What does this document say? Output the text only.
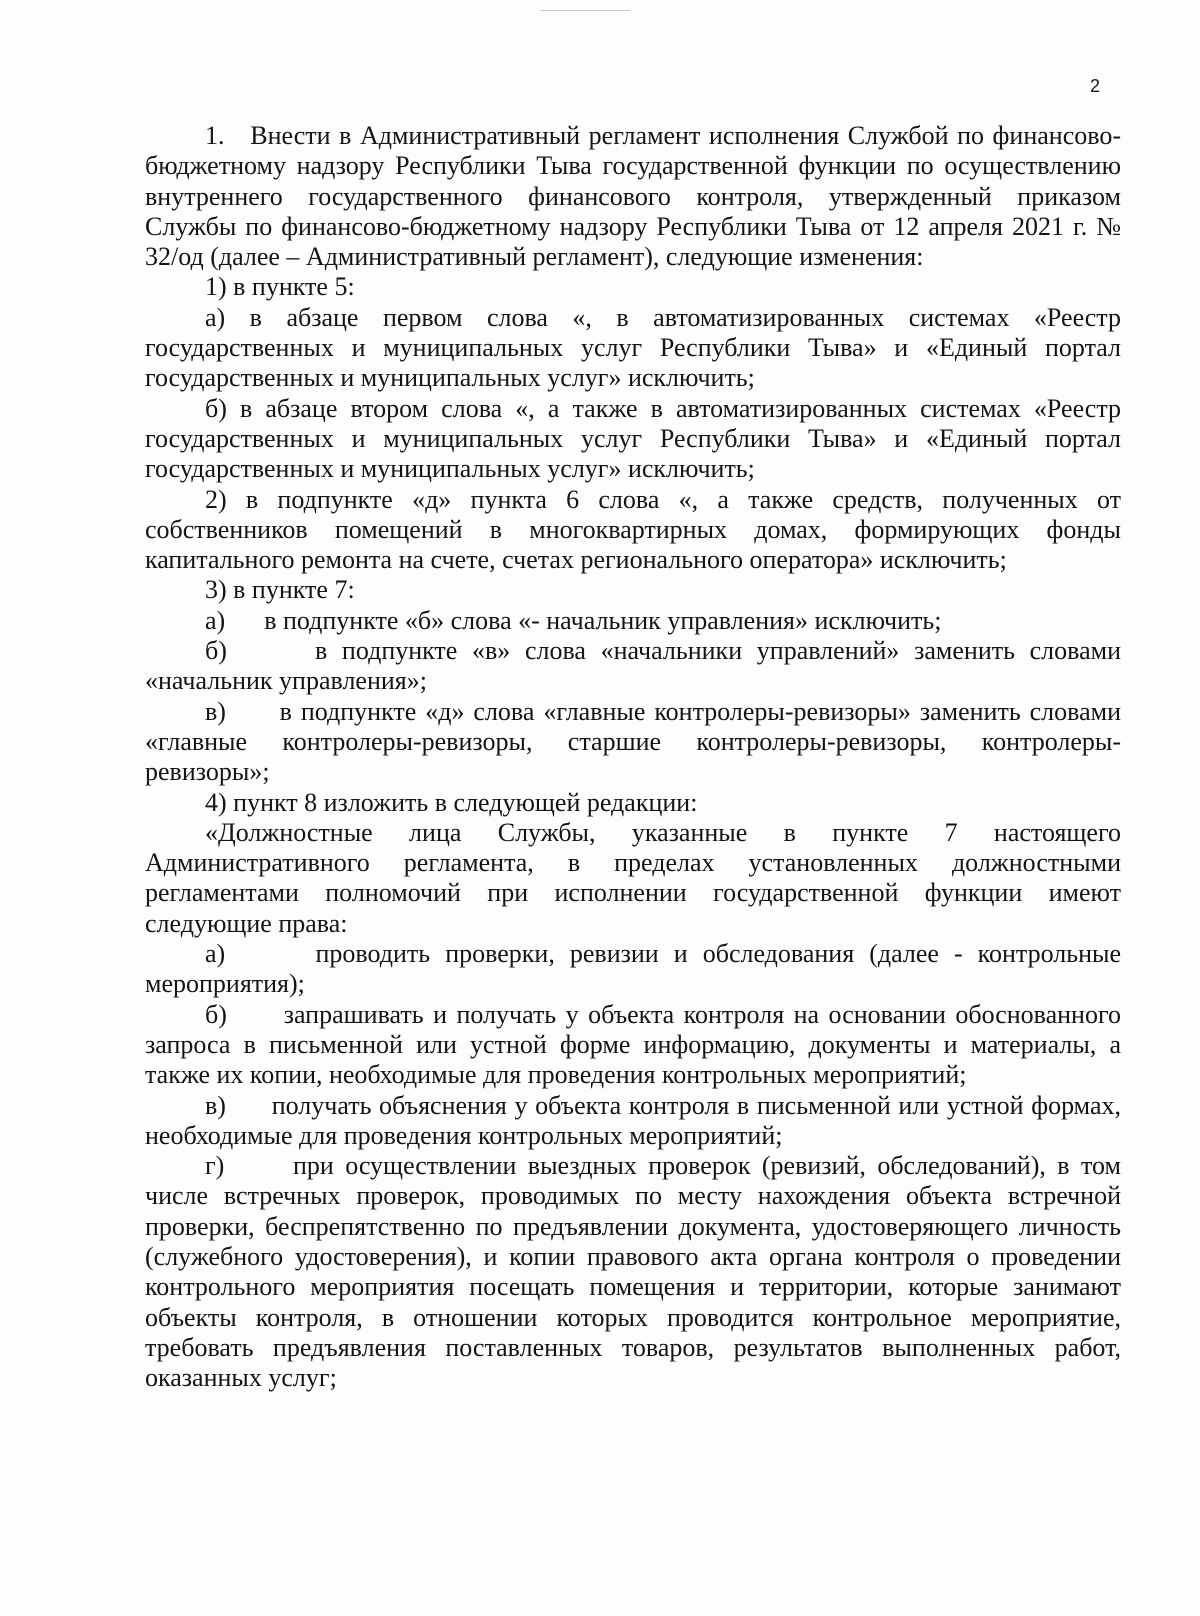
2

1.   Внести в Административный регламент исполнения Службой по финансово-бюджетному надзору Республики Тыва государственной функции по осуществлению внутреннего государственного финансового контроля, утвержденный приказом Службы по финансово-бюджетному надзору Республики Тыва от 12 апреля 2021 г. № 32/од (далее – Административный регламент), следующие изменения:

1) в пункте 5:

а) в абзаце первом слова «, в автоматизированных системах «Реестр государственных и муниципальных услуг Республики Тыва» и «Единый портал государственных и муниципальных услуг» исключить;

б) в абзаце втором слова «, а также в автоматизированных системах «Реестр государственных и муниципальных услуг Республики Тыва» и «Единый портал государственных и муниципальных услуг» исключить;

2) в подпункте «д» пункта 6 слова «, а также средств, полученных от собственников помещений в многоквартирных домах, формирующих фонды капитального ремонта на счете, счетах регионального оператора» исключить;

3) в пункте 7:

а)      в подпункте «б» слова «- начальник управления» исключить;

б)      в подпункте «в» слова «начальники управлений» заменить словами «начальник управления»;

в)      в подпункте «д» слова «главные контролеры-ревизоры» заменить словами «главные контролеры-ревизоры, старшие контролеры-ревизоры, контролеры-ревизоры»;

4) пункт 8 изложить в следующей редакции:

«Должностные лица Службы, указанные в пункте 7 настоящего Административного регламента, в пределах установленных должностными регламентами полномочий при исполнении государственной функции имеют следующие права:

а)      проводить проверки, ревизии и обследования (далее - контрольные мероприятия);

б)      запрашивать и получать у объекта контроля на основании обоснованного запроса в письменной или устной форме информацию, документы и материалы, а также их копии, необходимые для проведения контрольных мероприятий;

в)      получать объяснения у объекта контроля в письменной или устной формах, необходимые для проведения контрольных мероприятий;

г)      при осуществлении выездных проверок (ревизий, обследований), в том числе встречных проверок, проводимых по месту нахождения объекта встречной проверки, беспрепятственно по предъявлении документа, удостоверяющего личность (служебного удостоверения), и копии правового акта органа контроля о проведении контрольного мероприятия посещать помещения и территории, которые занимают объекты контроля, в отношении которых проводится контрольное мероприятие, требовать предъявления поставленных товаров, результатов выполненных работ, оказанных услуг;
